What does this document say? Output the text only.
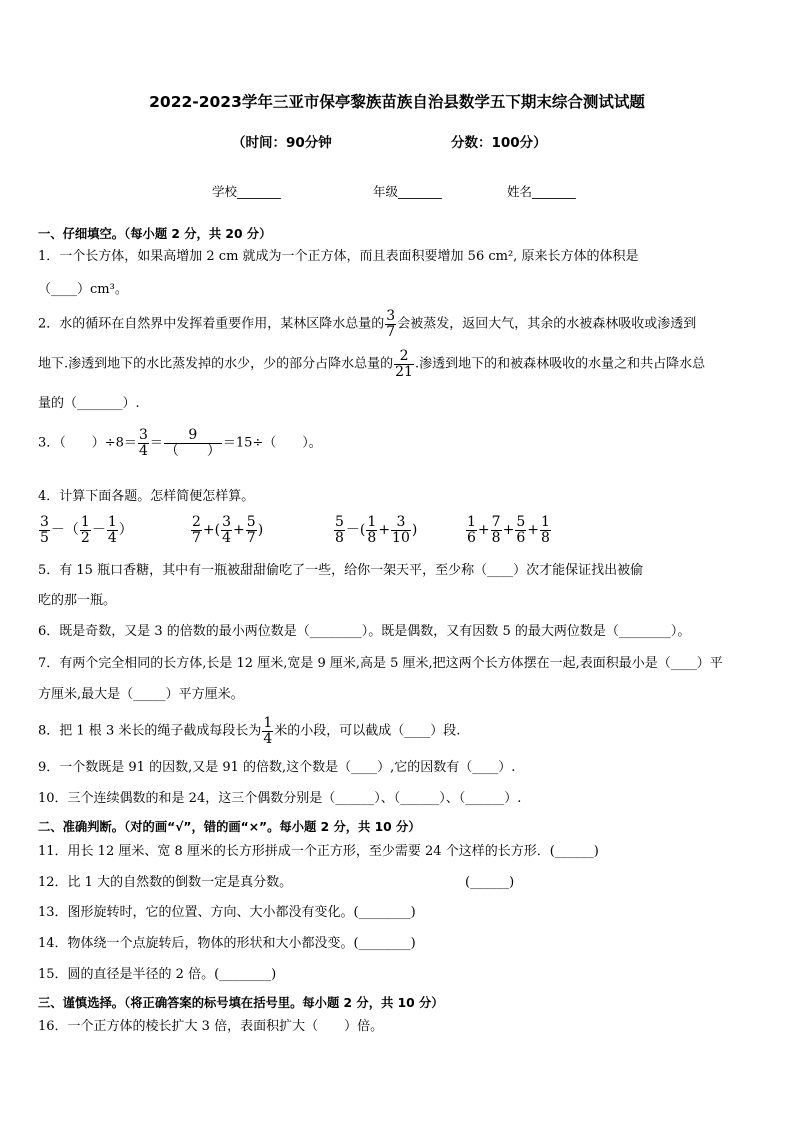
2022-2023学年三亚市保亭黎族苗族自治县数学五下期末综合测试试题
（时间：90分钟	分数：100分）
学校_______	年级_______	姓名_______
一、仔细填空。（每小题 2 分，共 20 分）
1．一个长方体，如果高增加 2 cm 就成为一个正方体，而且表面积要增加 56 cm², 原来长方体的体积是
（____）cm³。
2．水的循环在自然界中发挥着重要作用，某林区降水总量的 $\frac{3}{7}$ 会被蒸发，返回大气，其余的水被森林吸收或渗透到
地下.渗透到地下的水比蒸发掉的水少，少的部分占降水总量的 $\frac{2}{21}$ .渗透到地下的和被森林吸收的水量之和共占降水总
量的（_______）.
3．（　　）$\div 8= \frac{3}{4} = \frac{9}{( )} =15\div$（　　）。
4．计算下面各题。怎样简便怎样算。
$\frac{3}{5}$ －（ $\frac{1}{2} - \frac{1}{4}$ ）	$\frac{2}{7}$ +( $\frac{3}{4} + \frac{5}{7}$ )	$\frac{5}{8}$ －( $\frac{1}{8} + \frac{3}{10}$ )	$\frac{1}{6} + \frac{7}{8} + \frac{5}{6} + \frac{1}{8}$
5．有 15 瓶口香糖，其中有一瓶被甜甜偷吃了一些，给你一架天平，至少称（____）次才能保证找出被偷
吃的那一瓶。
6．既是奇数，又是 3 的倍数的最小两位数是（________）。既是偶数，又有因数 5 的最大两位数是（________）。
7．有两个完全相同的长方体,长是 12 厘米,宽是 9 厘米,高是 5 厘米,把这两个长方体摆在一起,表面积最小是（____）平
方厘米,最大是（_____）平方厘米。
8．把 1 根 3 米长的绳子截成每段长为 $\frac{1}{4}$ 米的小段，可以截成（____）段.
9．一个数既是 91 的因数,又是 91 的倍数,这个数是（____）,它的因数有（____）.
10．三个连续偶数的和是 24，这三个偶数分别是（______）、（______）、（______）.
二、准确判断。（对的画“√”，错的画“×”。每小题 2 分，共 10 分）
11．用长 12 厘米、宽 8 厘米的长方形拼成一个正方形，至少需要 24 个这样的长方形．(______)
12．比 1 大的自然数的倒数一定是真分数。	(______)
13．图形旋转时，它的位置、方向、大小都没有变化。(________)
14．物体绕一个点旋转后，物体的形状和大小都没变。(________)
15．圆的直径是半径的 2 倍。(________)
三、谨慎选择。（将正确答案的标号填在括号里。每小题 2 分，共 10 分）
16．一个正方体的棱长扩大 3 倍，表面积扩大（　　）倍。
